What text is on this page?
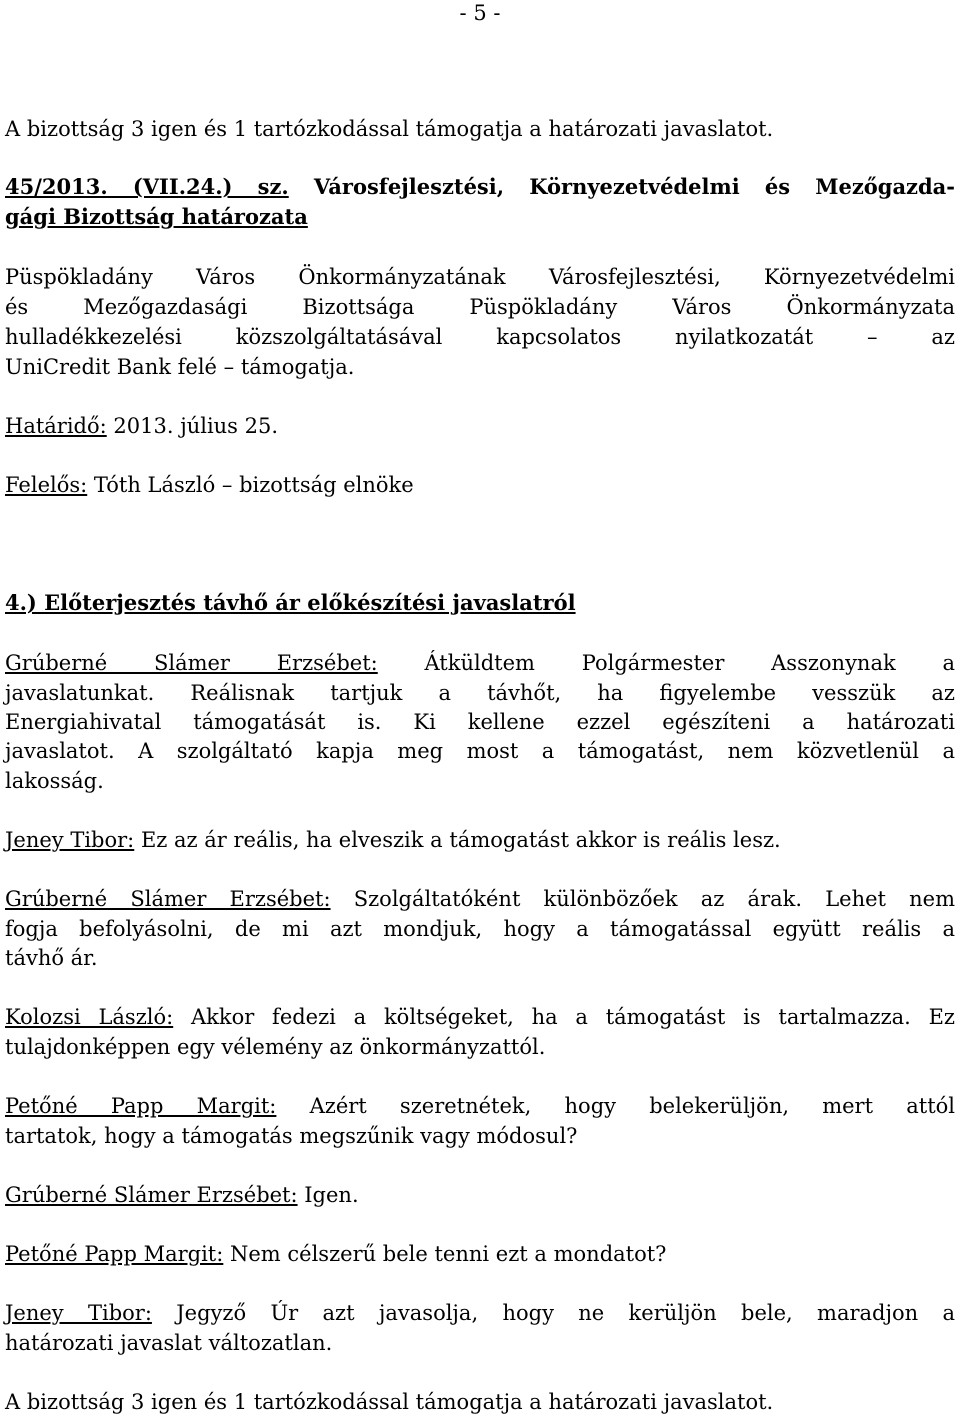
- 5 -
A bizottság 3 igen és 1 tartózkodással támogatja a határozati javaslatot.
45/2013. (VII.24.) sz. Városfejlesztési, Környezetvédelmi és Mezőgazda-
gági Bizottság határozata
Püspökladány Város Önkormányzatának Városfejlesztési, Környezetvédelmi
és Mezőgazdasági Bizottsága Püspökladány Város Önkormányzata
hulladékkezelési közszolgáltatásával kapcsolatos nyilatkozatát – az
UniCredit Bank felé – támogatja.
Határidő: 2013. július 25.
Felelős: Tóth László – bizottság elnöke
4.) Előterjesztés távhő ár előkészítési javaslatról
Grúberné Slámer Erzsébet: Átküldtem Polgármester Asszonynak a
javaslatunkat. Reálisnak tartjuk a távhőt, ha figyelembe vesszük az
Energiahivatal támogatását is. Ki kellene ezzel egészíteni a határozati
javaslatot. A szolgáltató kapja meg most a támogatást, nem közvetlenül a
lakosság.
Jeney Tibor: Ez az ár reális, ha elveszik a támogatást akkor is reális lesz.
Grúberné Slámer Erzsébet: Szolgáltatóként különbözőek az árak. Lehet nem
fogja befolyásolni, de mi azt mondjuk, hogy a támogatással együtt reális a
távhő ár.
Kolozsi László: Akkor fedezi a költségeket, ha a támogatást is tartalmazza. Ez
tulajdonképpen egy vélemény az önkormányzattól.
Petőné Papp Margit: Azért szeretnétek, hogy belekerüljön, mert attól
tartatok, hogy a támogatás megszűnik vagy módosul?
Grúberné Slámer Erzsébet: Igen.
Petőné Papp Margit: Nem célszerű bele tenni ezt a mondatot?
Jeney Tibor: Jegyző Úr azt javasolja, hogy ne kerüljön bele, maradjon a
határozati javaslat változatlan.
A bizottság 3 igen és 1 tartózkodással támogatja a határozati javaslatot.
